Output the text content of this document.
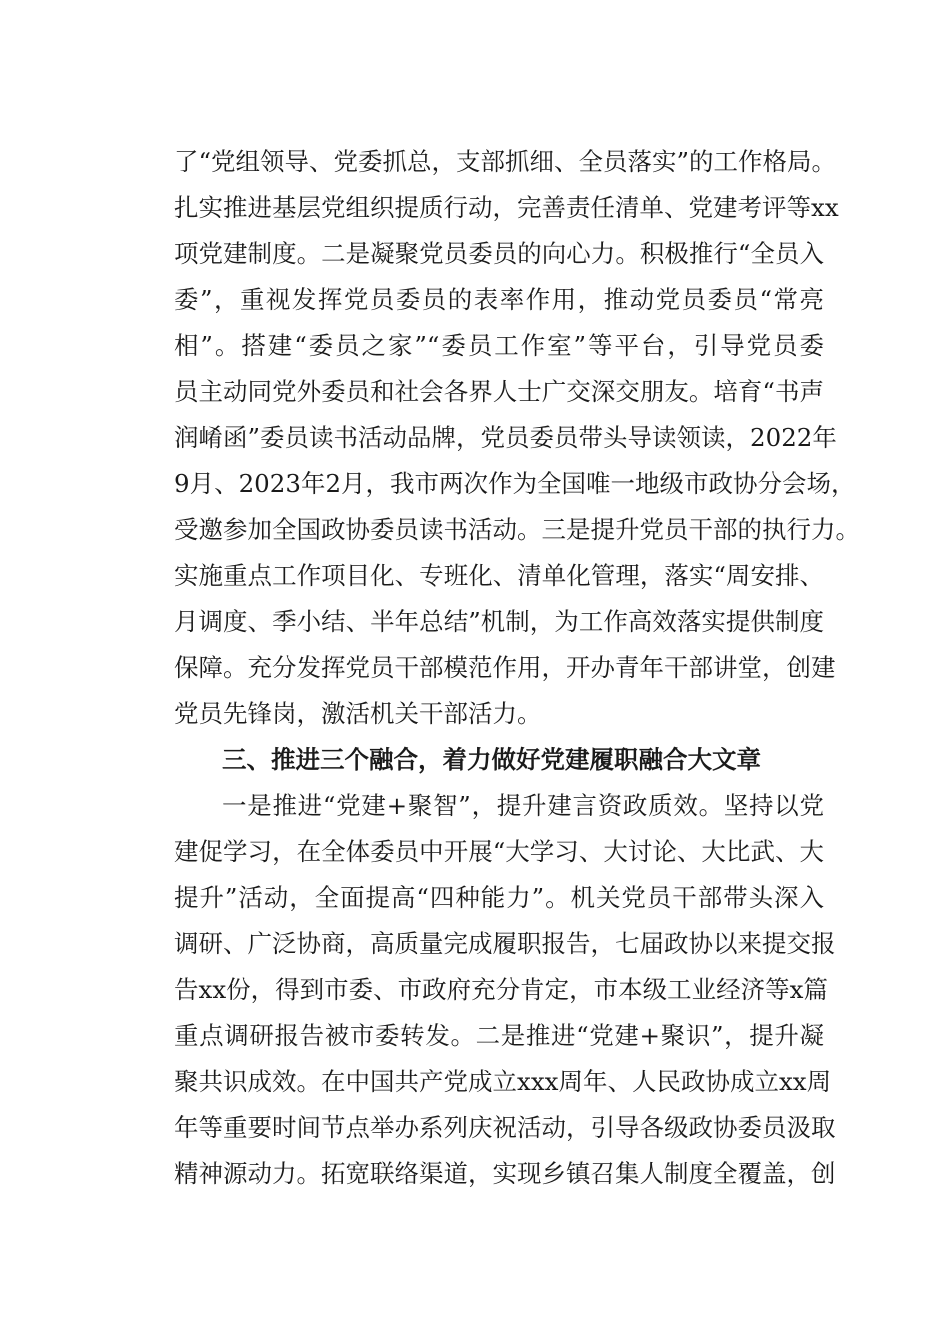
了“党组领导、党委抓总，支部抓细、全员落实”的工作格局。
扎实推进基层党组织提质行动，完善责任清单、党建考评等xx
项党建制度。二是凝聚党员委员的向心力。积极推行“全员入
委”，重视发挥党员委员的表率作用，推动党员委员“常亮
相”。搭建“委员之家”“委员工作室”等平台，引导党员委
员主动同党外委员和社会各界人士广交深交朋友。培育“书声
润崤函”委员读书活动品牌，党员委员带头导读领读，2022年
9月、2023年2月，我市两次作为全国唯一地级市政协分会场，
受邀参加全国政协委员读书活动。三是提升党员干部的执行力。
实施重点工作项目化、专班化、清单化管理，落实“周安排、
月调度、季小结、半年总结”机制，为工作高效落实提供制度
保障。充分发挥党员干部模范作用，开办青年干部讲堂，创建
党员先锋岗，激活机关干部活力。
三、推进三个融合，着力做好党建履职融合大文章
一是推进“党建+聚智”，提升建言资政质效。坚持以党
建促学习，在全体委员中开展“大学习、大讨论、大比武、大
提升”活动，全面提高“四种能力”。机关党员干部带头深入
调研、广泛协商，高质量完成履职报告，七届政协以来提交报
告xx份，得到市委、市政府充分肯定，市本级工业经济等x篇
重点调研报告被市委转发。二是推进“党建+聚识”，提升凝
聚共识成效。在中国共产党成立xxx周年、人民政协成立xx周
年等重要时间节点举办系列庆祝活动，引导各级政协委员汲取
精神源动力。拓宽联络渠道，实现乡镇召集人制度全覆盖，创
